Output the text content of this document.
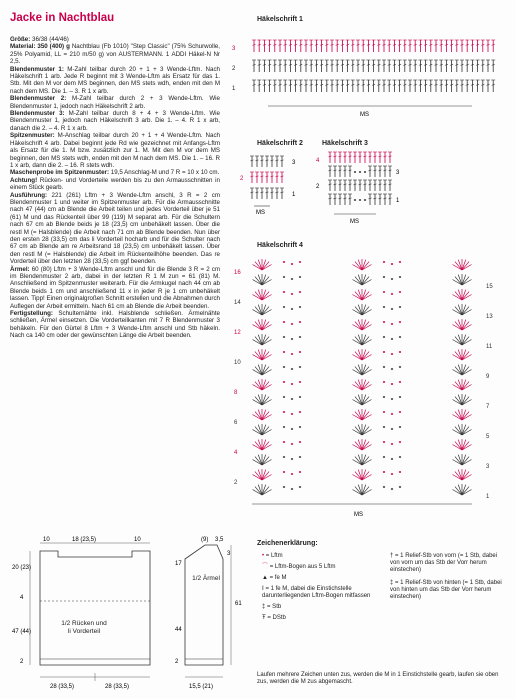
Jacke in Nachtblau

Größe: 36/38 (44/46)

Material: 350 (400) g Nachtblau (Fb 1010) "Step Classic" (75% Schurwolle, 25% Polyamid, LL = 210 m/50 g) von AUSTERMANN. 1 ADDI Häkel-N Nr 2,5.

Blendenmuster 1: M-Zahl teilbar durch 20 + 1 + 3 Wende-Lftm. Nach Häkelschrift 1 arb. Jede R beginnt mit 3 Wende-Lftm als Ersatz für das 1. Stb. Mit den M vor dem MS beginnen, den MS stets wdh, enden mit den M nach dem MS. Die 1. – 3. R 1 x arb.

Blendenmuster 2: M-Zahl teilbar durch 2 + 3 Wende-Lftm. Wie Blendenmuster 1, jedoch nach Häkelschrift 2 arb.

Blendenmuster 3: M-Zahl teilbar durch 8 + 4 + 3 Wende-Lftm. Wie Blendenmuster 1, jedoch nach Häkelschrift 3 arb. Die 1. – 4. R 1 x arb, danach die 2. – 4. R 1 x arb.

Spitzenmuster: M-Anschlag teilbar durch 20 + 1 + 4 Wende-Lftm. Nach Häkelschrift 4 arb. Dabei beginnt jede Rd wie gezeichnet mit Anfangs-Lftm als Ersatz für die 1. M bzw. zusätzlich zur 1. M. Mit den M vor dem MS beginnen, den MS stets wdh, enden mit den M nach dem MS. Die 1. – 16. R 1 x arb, dann die 2. – 16. R stets wdh.

Maschenprobe im Spitzenmuster: 19,5 Anschlag-M und 7 R = 10 x 10 cm.

Achtung! Rücken- und Vorderteile werden bis zu den Armausschnitten in einem Stück gearb.

Ausführung: 221 (261) Lftm + 3 Wende-Lftm anschl, 3 R = 2 cm Blendenmuster 1 und weiter im Spitzenmuster arb. Für die Armausschnitte nach 47 (44) cm ab Blende die Arbeit teilen und jedes Vorderteil über je 51 (61) M und das Rückenteil über 99 (119) M separat arb. Für die Schultern nach 67 cm ab Blende beids je 18 (23,5) cm unbehäkelt lassen. Über die restl M (= Halsblende) die Arbeit nach 71 cm ab Blende beenden. Nun über den ersten 28 (33,5) cm das li Vorderteil hocharb und für die Schulter nach 67 cm ab Blende am re Arbeitsrand 18 (23,5) cm unbehäkelt lassen. Über den restl M (= Halsblende) die Arbeit im Rückenteilhöhe beenden. Das re Vorderteil über den letzten 28 (33,5) cm ggf beenden.

Ärmel: 60 (80) Lftm + 3 Wende-Lftm anschl und für die Blende 3 R = 2 cm im Blendenmuster 2 arb, dabei in der letzten R 1 M zun = 61 (81) M. Anschließend im Spitzenmuster weiterarb. Für die Armkugel nach 44 cm ab Blende beids 1 cm und anschließend 11 x in jeder R je 1 cm unbehäkelt lassen. Tipp! Einen originalgroßen Schnitt erstellen und die Abnahmen durch Auflegen der Arbeit ermitteln. Nach 61 cm ab Blende die Arbeit beenden.

Fertigstellung: Schulternähte inkl. Halsblende schließen. Ärmelnähte schließen, Ärmel einsetzen. Die Vorderteilkanten mit 7 R Blendenmuster 3 behäkeln. Für den Gürtel 8 Lftm + 3 Wende-Lftm anschl und Stb häkeln. Nach ca 140 cm oder der gewünschten Länge die Arbeit beenden.

Häkelschrift 1
3
2
1
MS
Häkelschrift 2
3
2
1
MS
Häkelschrift 3
4
3
2
1
MS
Häkelschrift 4
16
14
12
10
8
6
4
2
15
13
11
9
7
5
3
1
MS
10	18 (23,5)	10
20 (23)
4
47 (44)
2
28 (33,5)	28 (33,5)
1/2 Rücken und li Vorderteil
3,5
(9)
3
17
61
44
2
15,5 (21)
1/2 Ärmel
Zeichenerklärung:
• = Lftm
⌒ = Lftm-Bogen aus 5 Lftm
▲ = fe M
Ⅰ = 1 fe M, dabei die Einstichstelle darunterliegenden Lftm-Bogen mitfassen
‡ = Stb
Ŧ = DStb
† = 1 Relief-Stb von vorn (= 1 Stb, dabei von vorn um das Stb der Vorr herum einstechen)
‡ = 1 Relief-Stb von hinten (= 1 Stb, dabei von hinten um das Stb der Vorr herum einstechen)
Laufen mehrere Zeichen unten zus, werden die M in 1 Einstichstelle gearb, laufen sie oben zus, werden die M zus abgemascht.
